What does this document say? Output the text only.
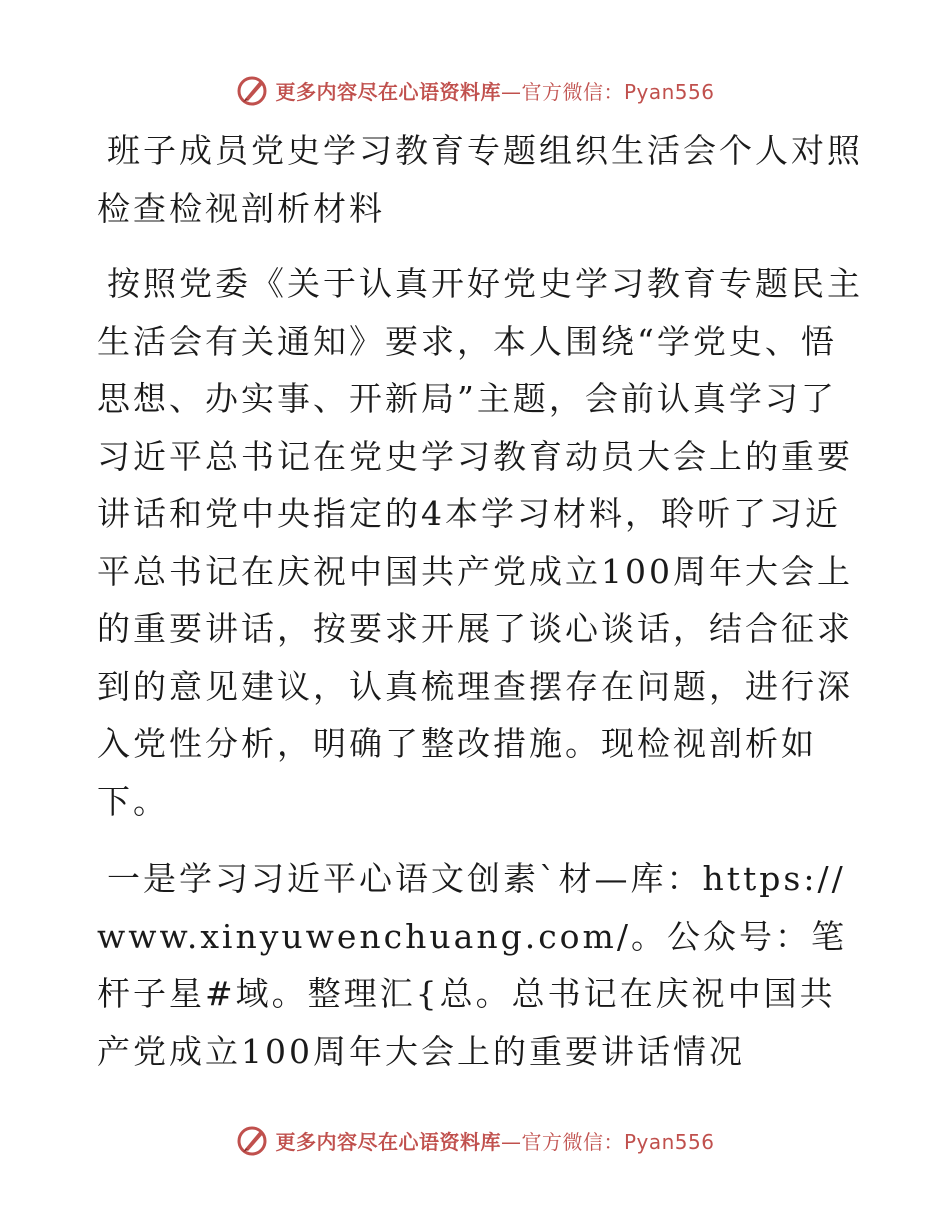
更多内容尽在心语资料库—官方微信：Pyan556

班子成员党史学习教育专题组织生活会个人对照检查检视剖析材料

按照党委《关于认真开好党史学习教育专题民主生活会有关通知》要求，本人围绕“学党史、悟思想、办实事、开新局”主题，会前认真学习了习近平总书记在党史学习教育动员大会上的重要讲话和党中央指定的4本学习材料，聆听了习近平总书记在庆祝中国共产党成立100周年大会上的重要讲话，按要求开展了谈心谈话，结合征求到的意见建议，认真梳理查摆存在问题，进行深入党性分析，明确了整改措施。现检视剖析如下。

一是学习习近平心语文创素`材—库：https://www.xinyuwenchuang.com/。公众号：笔杆子星#域。整理汇{总。总书记在庆祝中国共产党成立100周年大会上的重要讲话情况

更多内容尽在心语资料库—官方微信：Pyan556
